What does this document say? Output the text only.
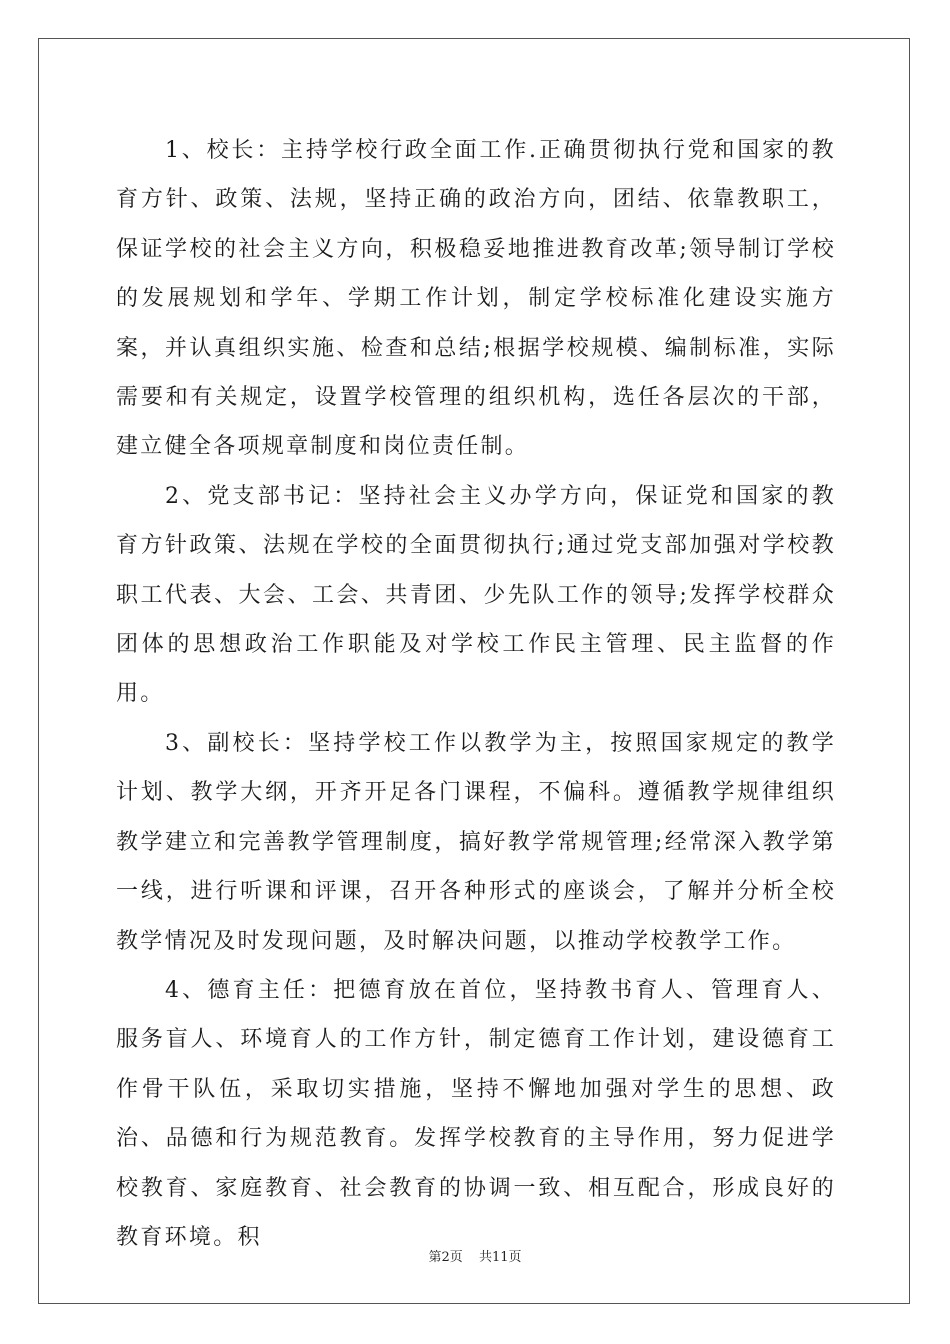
1、校长：主持学校行政全面工作.正确贯彻执行党和国家的教育方针、政策、法规，坚持正确的政治方向，团结、依靠教职工，保证学校的社会主义方向，积极稳妥地推进教育改革;领导制订学校的发展规划和学年、学期工作计划，制定学校标准化建设实施方案，并认真组织实施、检查和总结;根据学校规模、编制标准，实际需要和有关规定，设置学校管理的组织机构，选任各层次的干部，建立健全各项规章制度和岗位责任制。

2、党支部书记：坚持社会主义办学方向，保证党和国家的教育方针政策、法规在学校的全面贯彻执行;通过党支部加强对学校教职工代表、大会、工会、共青团、少先队工作的领导;发挥学校群众团体的思想政治工作职能及对学校工作民主管理、民主监督的作用。

3、副校长：坚持学校工作以教学为主，按照国家规定的教学计划、教学大纲，开齐开足各门课程，不偏科。遵循教学规律组织教学建立和完善教学管理制度，搞好教学常规管理;经常深入教学第一线，进行听课和评课，召开各种形式的座谈会，了解并分析全校教学情况及时发现问题，及时解决问题，以推动学校教学工作。

4、德育主任：把德育放在首位，坚持教书育人、管理育人、服务盲人、环境育人的工作方针，制定德育工作计划，建设德育工作骨干队伍，采取切实措施，坚持不懈地加强对学生的思想、政治、品德和行为规范教育。发挥学校教育的主导作用，努力促进学校教育、家庭教育、社会教育的协调一致、相互配合，形成良好的教育环境。积

第2页 共11页
